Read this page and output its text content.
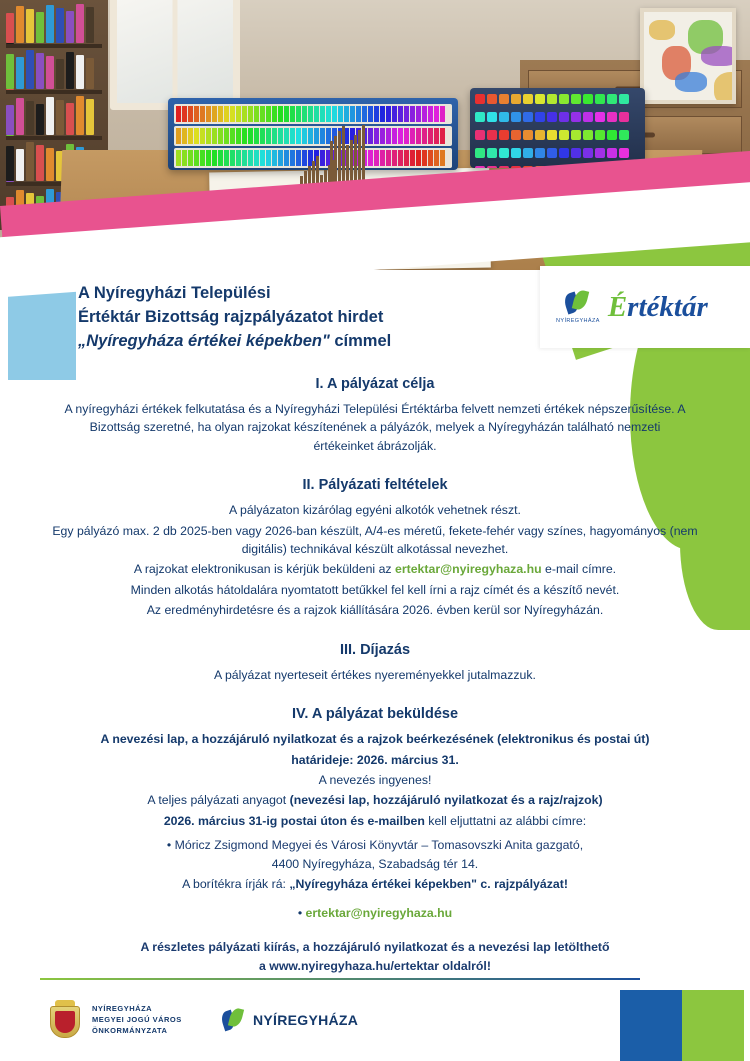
NYÍREGYHÁZA Értéktár
A Nyíregyházi Települési
Értéktár Bizottság rajzpályázatot hirdet
„Nyíregyháza értékei képekben" címmel
I. A pályázat célja

A nyíregyházi értékek felkutatása és a Nyíregyházi Települési Értéktárba felvett nemzeti értékek népszerűsítése. A Bizottság szeretné, ha olyan rajzokat készítenének a pályázók, melyek a Nyíregyházán található nemzeti értékeinket ábrázolják.

II. Pályázati feltételek

A pályázaton kizárólag egyéni alkotók vehetnek részt.

Egy pályázó max. 2 db 2025-ben vagy 2026-ban készült, A/4-es méretű, fekete-fehér vagy színes, hagyományos (nem digitális) technikával készült alkotással nevezhet.

A rajzokat elektronikusan is kérjük beküldeni az ertektar@nyiregyhaza.hu e-mail címre.

Minden alkotás hátoldalára nyomtatott betűkkel fel kell írni a rajz címét és a készítő nevét.

Az eredményhirdetésre és a rajzok kiállítására 2026. évben kerül sor Nyíregyházán.

III. Díjazás

A pályázat nyerteseit értékes nyereményekkel jutalmazzuk.

IV. A pályázat beküldése

A nevezési lap, a hozzájáruló nyilatkozat és a rajzok beérkezésének (elektronikus és postai út)

határideje: 2026. március 31.

A nevezés ingyenes!

A teljes pályázati anyagot (nevezési lap, hozzájáruló nyilatkozat és a rajz/rajzok)

2026. március 31-ig postai úton és e-mailben kell eljuttatni az alábbi címre:

• Móricz Zsigmond Megyei és Városi Könyvtár – Tomasovszki Anita gazgató,

4400 Nyíregyháza, Szabadság tér 14.

A borítékra írják rá: „Nyíregyháza értékei képekben" c. rajzpályázat!

• ertektar@nyiregyhaza.hu
A részletes pályázati kiírás, a hozzájáruló nyilatkozat és a nevezési lap letölthető
a www.nyiregyhaza.hu/ertektar oldalról!
NYÍREGYHÁZA
MEGYEI JOGÚ VÁROS
ÖNKORMÁNYZATA
NYÍREGYHÁZA
